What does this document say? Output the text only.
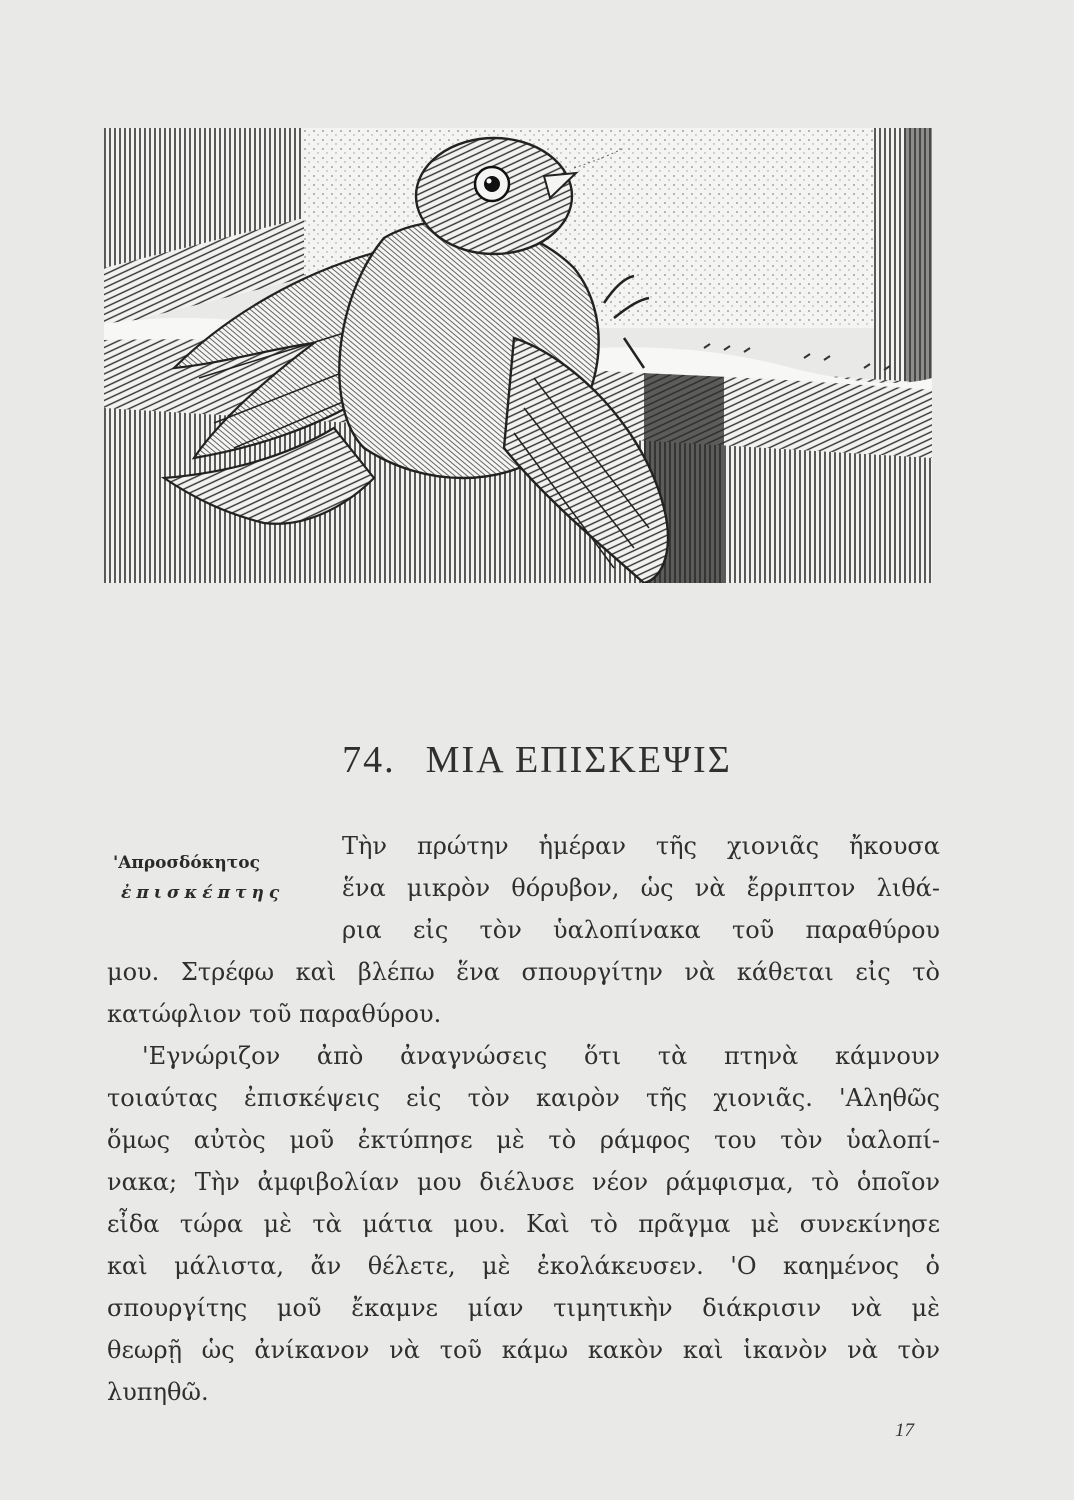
74. ΜΙΑ ΕΠΙΣΚΕΨΙΣ
'Απροσδόκητος
ἐπισκέπτης
Τὴν πρώτην ἡμέραν τῆς χιονιᾶς ἤκουσα
ἕνα μικρὸν θόρυβον, ὡς νὰ ἔρριπτον λιθά-
ρια εἰς τὸν ὑαλοπίνακα τοῦ παραθύρου
μου. Στρέφω καὶ βλέπω ἕνα σπουργίτην νὰ κάθεται εἰς τὸ
κατώφλιον τοῦ παραθύρου.
'Εγνώριζον ἀπὸ ἀναγνώσεις ὅτι τὰ πτηνὰ κάμνουν
τοιαύτας ἐπισκέψεις εἰς τὸν καιρὸν τῆς χιονιᾶς. 'Αληθῶς
ὅμως αὐτὸς μοῦ ἐκτύπησε μὲ τὸ ράμφος του τὸν ὑαλοπί-
νακα; Τὴν ἀμφιβολίαν μου διέλυσε νέον ράμφισμα, τὸ ὁποῖον
εἶδα τώρα μὲ τὰ μάτια μου. Καὶ τὸ πρᾶγμα μὲ συνεκίνησε
καὶ μάλιστα, ἄν θέλετε, μὲ ἐκολάκευσεν. 'Ο καημένος ὁ
σπουργίτης μοῦ ἔκαμνε μίαν τιμητικὴν διάκρισιν νὰ μὲ
θεωρῇ ὡς ἀνίκανον νὰ τοῦ κάμω κακὸν καὶ ἱκανὸν νὰ τὸν
λυπηθῶ.
17
